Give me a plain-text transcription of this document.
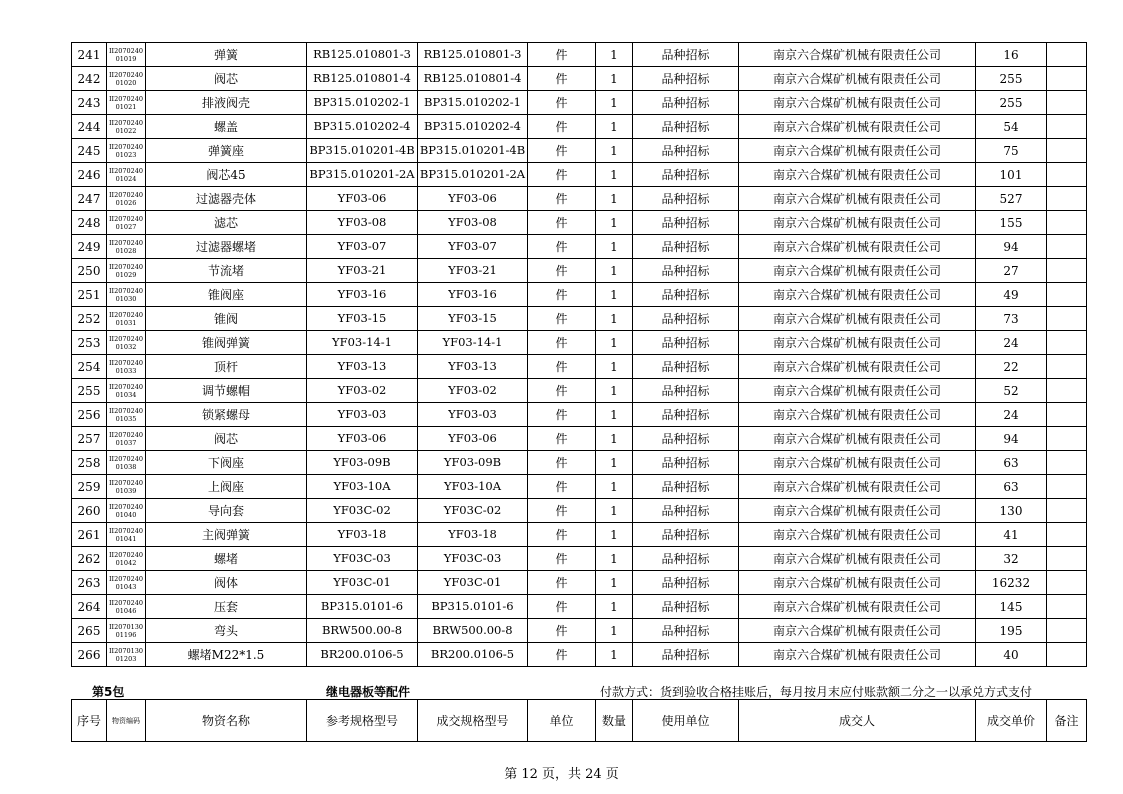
241	II207024001019	弹簧	RB125.010801-3	RB125.010801-3	件	1	品种招标	南京六合煤矿机械有限责任公司	16	
242	II207024001020	阀芯	RB125.010801-4	RB125.010801-4	件	1	品种招标	南京六合煤矿机械有限责任公司	255	
243	II207024001021	排液阀壳	BP315.010202-1	BP315.010202-1	件	1	品种招标	南京六合煤矿机械有限责任公司	255	
244	II207024001022	螺盖	BP315.010202-4	BP315.010202-4	件	1	品种招标	南京六合煤矿机械有限责任公司	54	
245	II207024001023	弹簧座	BP315.010201-4B	BP315.010201-4B	件	1	品种招标	南京六合煤矿机械有限责任公司	75	
246	II207024001024	阀芯45	BP315.010201-2A	BP315.010201-2A	件	1	品种招标	南京六合煤矿机械有限责任公司	101	
247	II207024001026	过滤器壳体	YF03-06	YF03-06	件	1	品种招标	南京六合煤矿机械有限责任公司	527	
248	II207024001027	滤芯	YF03-08	YF03-08	件	1	品种招标	南京六合煤矿机械有限责任公司	155	
249	II207024001028	过滤器螺堵	YF03-07	YF03-07	件	1	品种招标	南京六合煤矿机械有限责任公司	94	
250	II207024001029	节流堵	YF03-21	YF03-21	件	1	品种招标	南京六合煤矿机械有限责任公司	27	
251	II207024001030	锥阀座	YF03-16	YF03-16	件	1	品种招标	南京六合煤矿机械有限责任公司	49	
252	II207024001031	锥阀	YF03-15	YF03-15	件	1	品种招标	南京六合煤矿机械有限责任公司	73	
253	II207024001032	锥阀弹簧	YF03-14-1	YF03-14-1	件	1	品种招标	南京六合煤矿机械有限责任公司	24	
254	II207024001033	顶杆	YF03-13	YF03-13	件	1	品种招标	南京六合煤矿机械有限责任公司	22	
255	II207024001034	调节螺帽	YF03-02	YF03-02	件	1	品种招标	南京六合煤矿机械有限责任公司	52	
256	II207024001035	锁紧螺母	YF03-03	YF03-03	件	1	品种招标	南京六合煤矿机械有限责任公司	24	
257	II207024001037	阀芯	YF03-06	YF03-06	件	1	品种招标	南京六合煤矿机械有限责任公司	94	
258	II207024001038	下阀座	YF03-09B	YF03-09B	件	1	品种招标	南京六合煤矿机械有限责任公司	63	
259	II207024001039	上阀座	YF03-10A	YF03-10A	件	1	品种招标	南京六合煤矿机械有限责任公司	63	
260	II207024001040	导向套	YF03C-02	YF03C-02	件	1	品种招标	南京六合煤矿机械有限责任公司	130	
261	II207024001041	主阀弹簧	YF03-18	YF03-18	件	1	品种招标	南京六合煤矿机械有限责任公司	41	
262	II207024001042	螺堵	YF03C-03	YF03C-03	件	1	品种招标	南京六合煤矿机械有限责任公司	32	
263	II207024001043	阀体	YF03C-01	YF03C-01	件	1	品种招标	南京六合煤矿机械有限责任公司	16232	
264	II207024001046	压套	BP315.0101-6	BP315.0101-6	件	1	品种招标	南京六合煤矿机械有限责任公司	145	
265	II207013001196	弯头	BRW500.00-8	BRW500.00-8	件	1	品种招标	南京六合煤矿机械有限责任公司	195	
266	II207013001203	螺堵M22*1.5	BR200.0106-5	BR200.0106-5	件	1	品种招标	南京六合煤矿机械有限责任公司	40	
第5包	继电器板等配件	付款方式：货到验收合格挂账后，每月按月末应付账款额二分之一以承兑方式支付
序号	物资编码	物资名称	参考规格型号	成交规格型号	单位	数量	使用单位	成交人	成交单价	备注
第 12 页，共 24 页
